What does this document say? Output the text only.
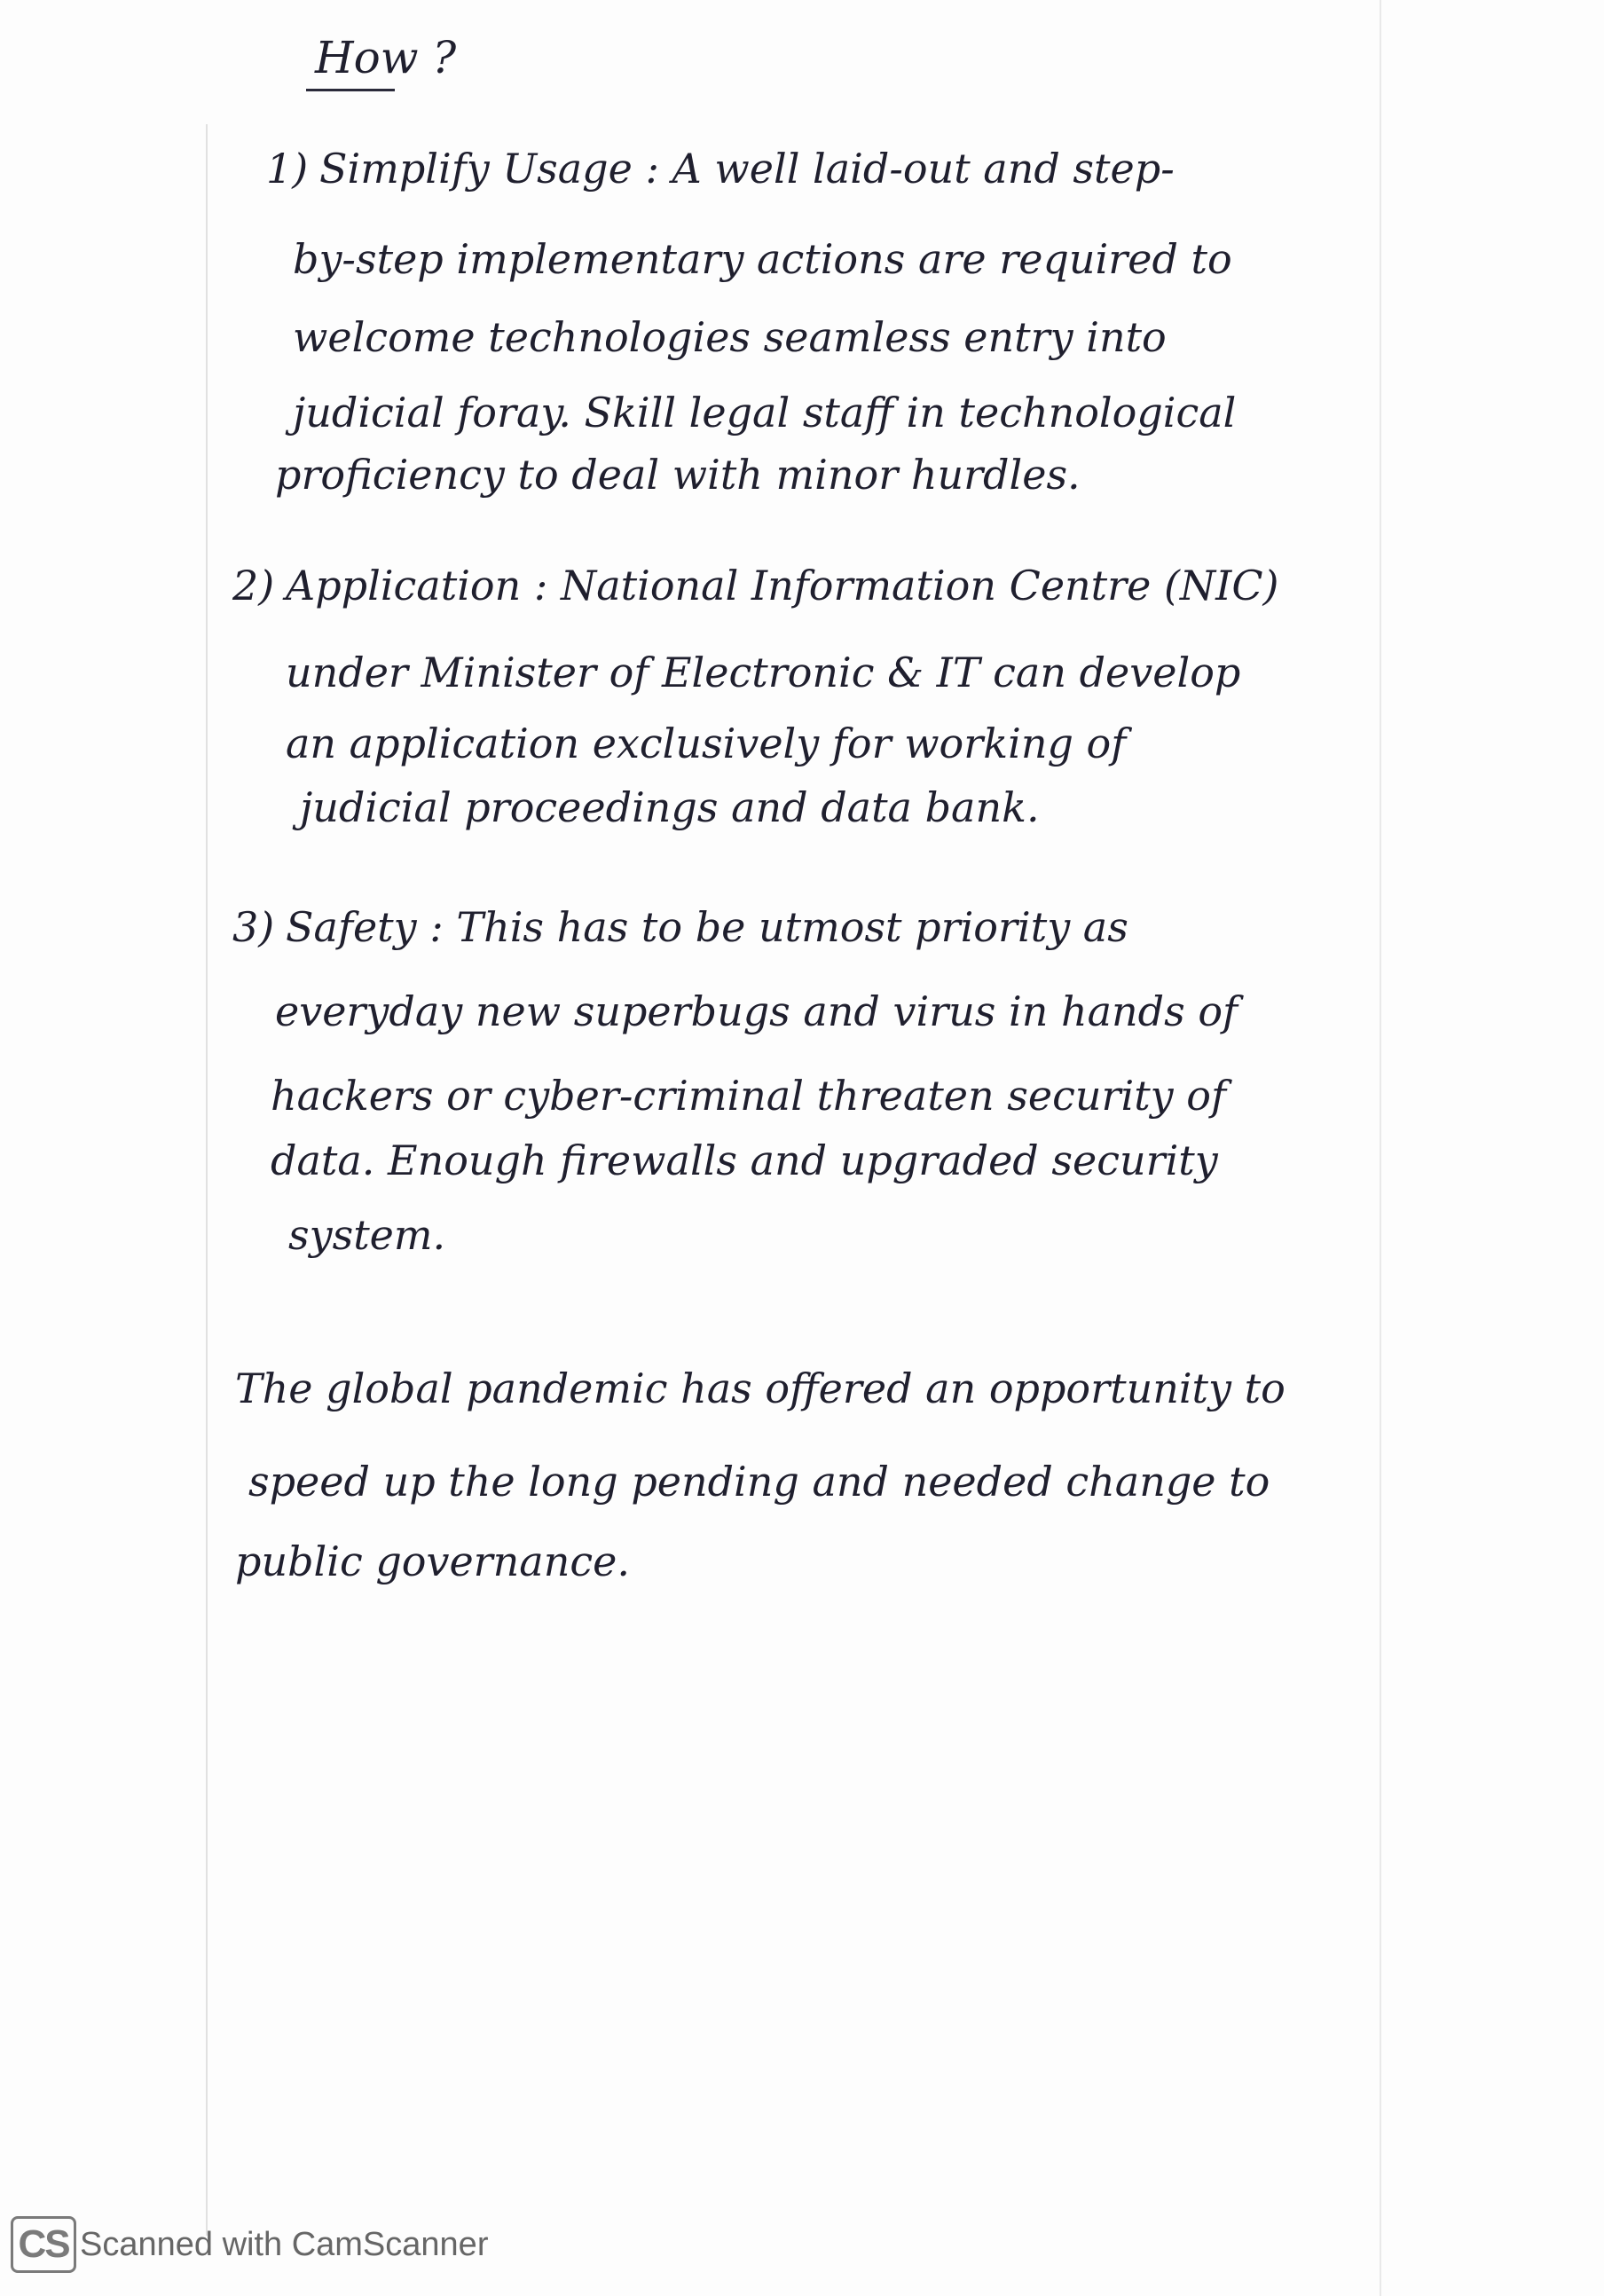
How ?
1) Simplify Usage : A well laid-out and step-
by-step implementary actions are required to
welcome technologies seamless entry into
judicial foray. Skill legal staff in technological
proficiency to deal with minor hurdles.
2) Application : National Information Centre (NIC)
under Minister of Electronic & IT can develop
an application exclusively for working of
judicial proceedings and data bank.
3) Safety : This has to be utmost priority as
everyday new superbugs and virus in hands of
hackers or cyber-criminal threaten security of
data. Enough firewalls and upgraded security
system.
The global pandemic has offered an opportunity to
speed up the long pending and needed change to
public governance.
CS Scanned with CamScanner
